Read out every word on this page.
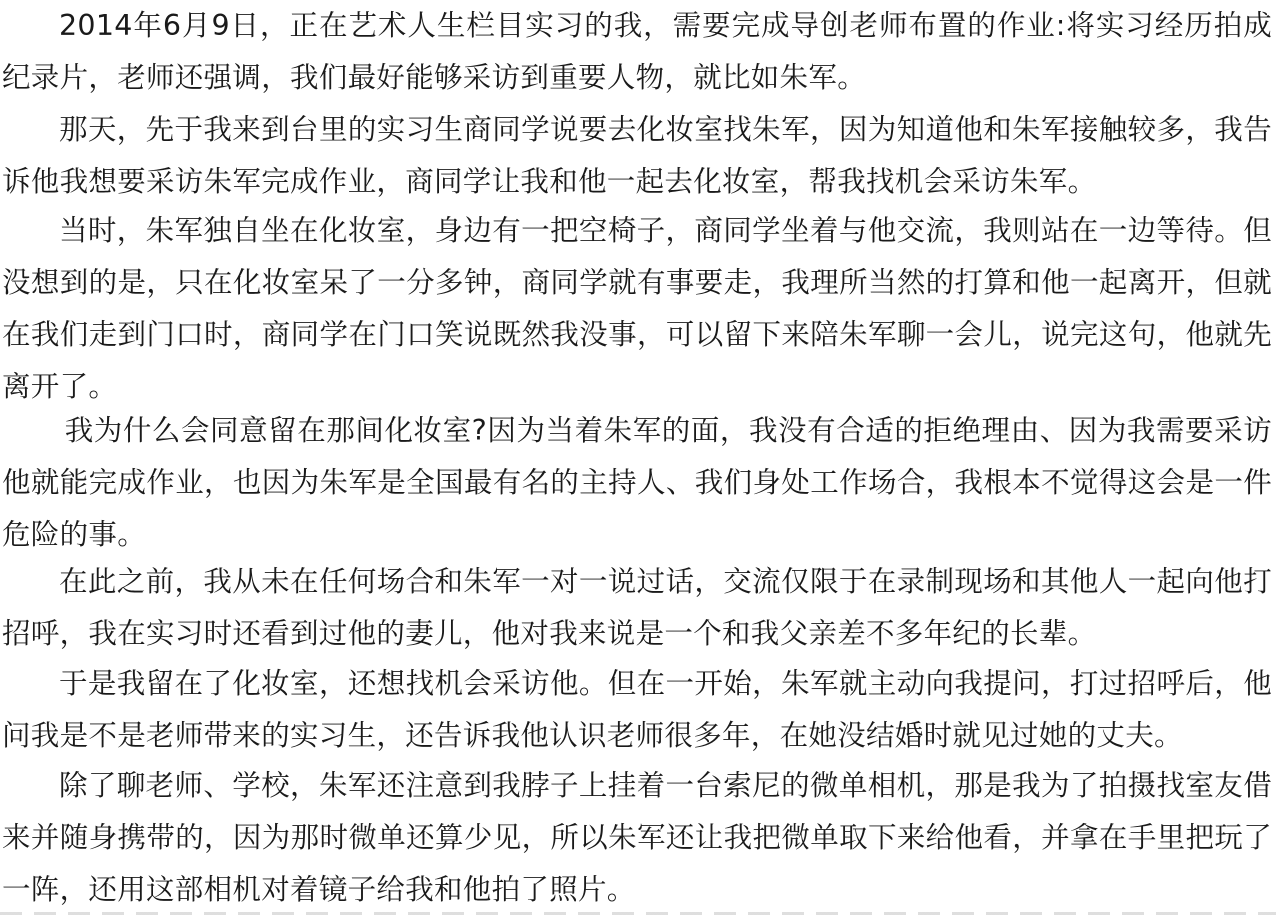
2014年6月9日，正在艺术人生栏目实习的我，需要完成导创老师布置的作业:将实习经历拍成纪录片，老师还强调，我们最好能够采访到重要人物，就比如朱军。

那天，先于我来到台里的实习生商同学说要去化妆室找朱军，因为知道他和朱军接触较多，我告诉他我想要采访朱军完成作业，商同学让我和他一起去化妆室，帮我找机会采访朱军。

当时，朱军独自坐在化妆室，身边有一把空椅子，商同学坐着与他交流，我则站在一边等待。但没想到的是，只在化妆室呆了一分多钟，商同学就有事要走，我理所当然的打算和他一起离开，但就在我们走到门口时，商同学在门口笑说既然我没事，可以留下来陪朱军聊一会儿，说完这句，他就先离开了。

我为什么会同意留在那间化妆室?因为当着朱军的面，我没有合适的拒绝理由、因为我需要采访他就能完成作业，也因为朱军是全国最有名的主持人、我们身处工作场合，我根本不觉得这会是一件危险的事。

在此之前，我从未在任何场合和朱军一对一说过话，交流仅限于在录制现场和其他人一起向他打招呼，我在实习时还看到过他的妻儿，他对我来说是一个和我父亲差不多年纪的长辈。

于是我留在了化妆室，还想找机会采访他。但在一开始，朱军就主动向我提问，打过招呼后，他问我是不是老师带来的实习生，还告诉我他认识老师很多年，在她没结婚时就见过她的丈夫。

除了聊老师、学校，朱军还注意到我脖子上挂着一台索尼的微单相机，那是我为了拍摄找室友借来并随身携带的，因为那时微单还算少见，所以朱军还让我把微单取下来给他看，并拿在手里把玩了一阵，还用这部相机对着镜子给我和他拍了照片。
